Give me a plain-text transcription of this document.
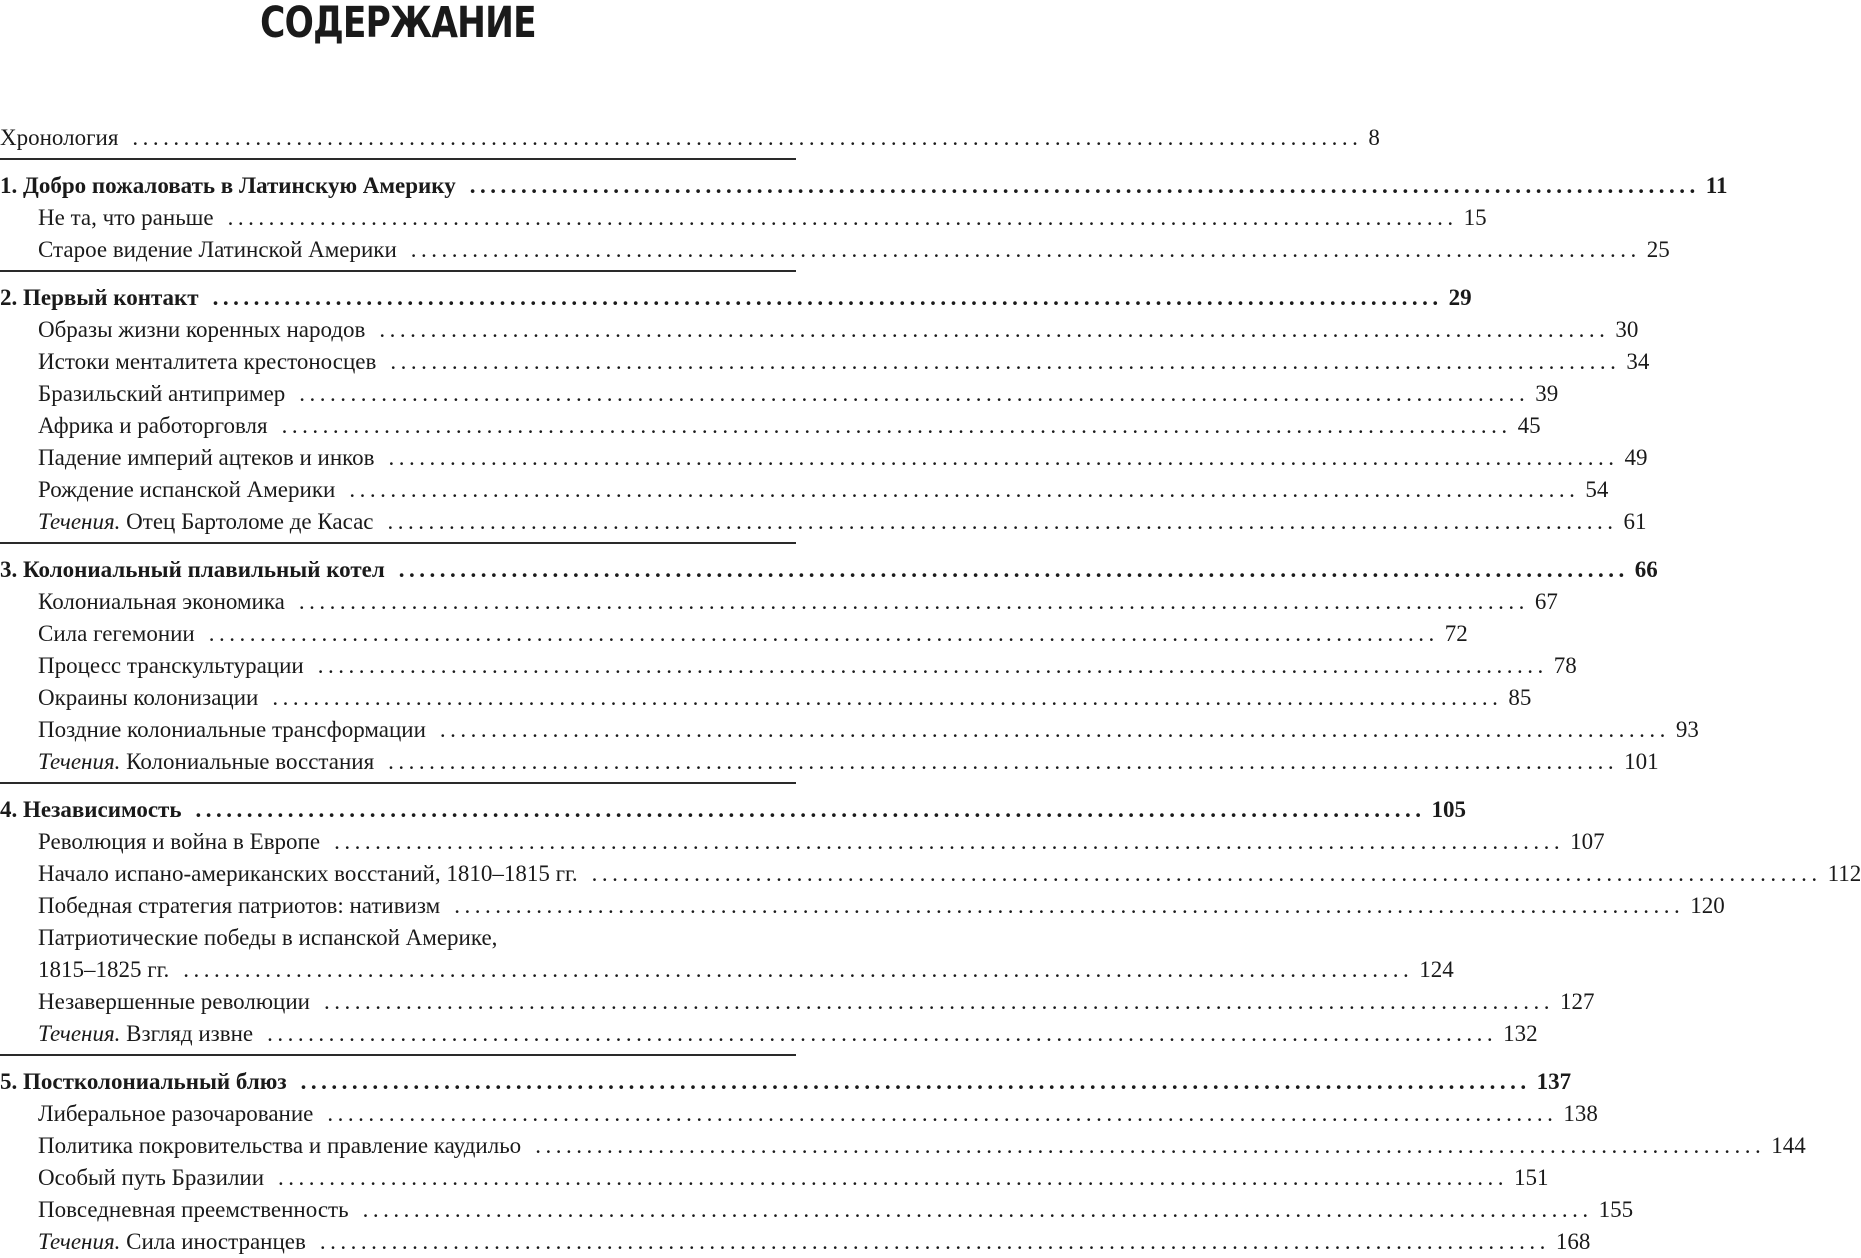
СОДЕРЖАНИЕ
Хронология ........................................................................................................................ 8
1. Добро пожаловать в Латинскую Америку ........................................................................................................................ 11
Не та, что раньше ........................................................................................................................ 15
Старое видение Латинской Америки ........................................................................................................................ 25
2. Первый контакт ........................................................................................................................ 29
Образы жизни коренных народов ........................................................................................................................ 30
Истоки менталитета крестоносцев ........................................................................................................................ 34
Бразильский антипример ........................................................................................................................ 39
Африка и работорговля ........................................................................................................................ 45
Падение империй ацтеков и инков ........................................................................................................................ 49
Рождение испанской Америки ........................................................................................................................ 54
Течения. Отец Бартоломе де Касас ........................................................................................................................ 61
3. Колониальный плавильный котел ........................................................................................................................ 66
Колониальная экономика ........................................................................................................................ 67
Сила гегемонии ........................................................................................................................ 72
Процесс транскультурации ........................................................................................................................ 78
Окраины колонизации ........................................................................................................................ 85
Поздние колониальные трансформации ........................................................................................................................ 93
Течения. Колониальные восстания ........................................................................................................................ 101
4. Независимость ........................................................................................................................ 105
Революция и война в Европе ........................................................................................................................ 107
Начало испано-американских восстаний, 1810–1815 гг. ........................................................................................................................ 112
Победная стратегия патриотов: нативизм ........................................................................................................................ 120
Патриотические победы в испанской Америке,
1815–1825 гг. ........................................................................................................................ 124
Незавершенные революции ........................................................................................................................ 127
Течения. Взгляд извне ........................................................................................................................ 132
5. Постколониальный блюз ........................................................................................................................ 137
Либеральное разочарование ........................................................................................................................ 138
Политика покровительства и правление каудильо ........................................................................................................................ 144
Особый путь Бразилии ........................................................................................................................ 151
Повседневная преемственность ........................................................................................................................ 155
Течения. Сила иностранцев ........................................................................................................................ 168
